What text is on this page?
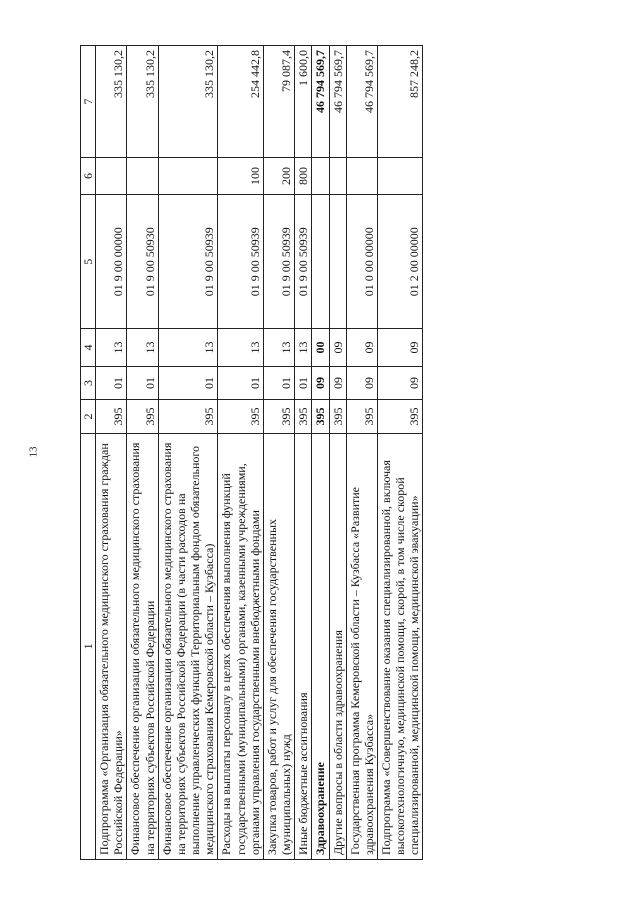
13
1	2	3	4	5	6	7
Подпрограмма «Организация обязательного медицинского страхования граждан Российской Федерации»	395	01	13	01 9 00 00000		335 130,2
Финансовое обеспечение организации обязательного медицинского страхования на территориях субъектов Российской Федерации	395	01	13	01 9 00 50930		335 130,2
Финансовое обеспечение организации обязательного медицинского страхования на территориях субъектов Российской Федерации (в части расходов на выполнение управленческих функций Территориальным фондом обязательного медицинского страхования Кемеровской области – Кузбасса)	395	01	13	01 9 00 50939		335 130,2
Расходы на выплаты персоналу в целях обеспечения выполнения функций государственными (муниципальными) органами, казенными учреждениями, органами управления государственными внебюджетными фондами	395	01	13	01 9 00 50939	100	254 442,8
Закупка товаров, работ и услуг для обеспечения государственных (муниципальных) нужд	395	01	13	01 9 00 50939	200	79 087,4
Иные бюджетные ассигнования	395	01	13	01 9 00 50939	800	1 600,0
Здравоохранение	395	09	00			46 794 569,7
Другие вопросы в области здравоохранения	395	09	09			46 794 569,7
Государственная программа Кемеровской области – Кузбасса «Развитие здравоохранения Кузбасса»	395	09	09	01 0 00 00000		46 794 569,7
Подпрограмма «Совершенствование оказания специализированной, включая высокотехнологичную, медицинской помощи, скорой, в том числе скорой специализированной, медицинской помощи, медицинской эвакуации»	395	09	09	01 2 00 00000		857 248,2
